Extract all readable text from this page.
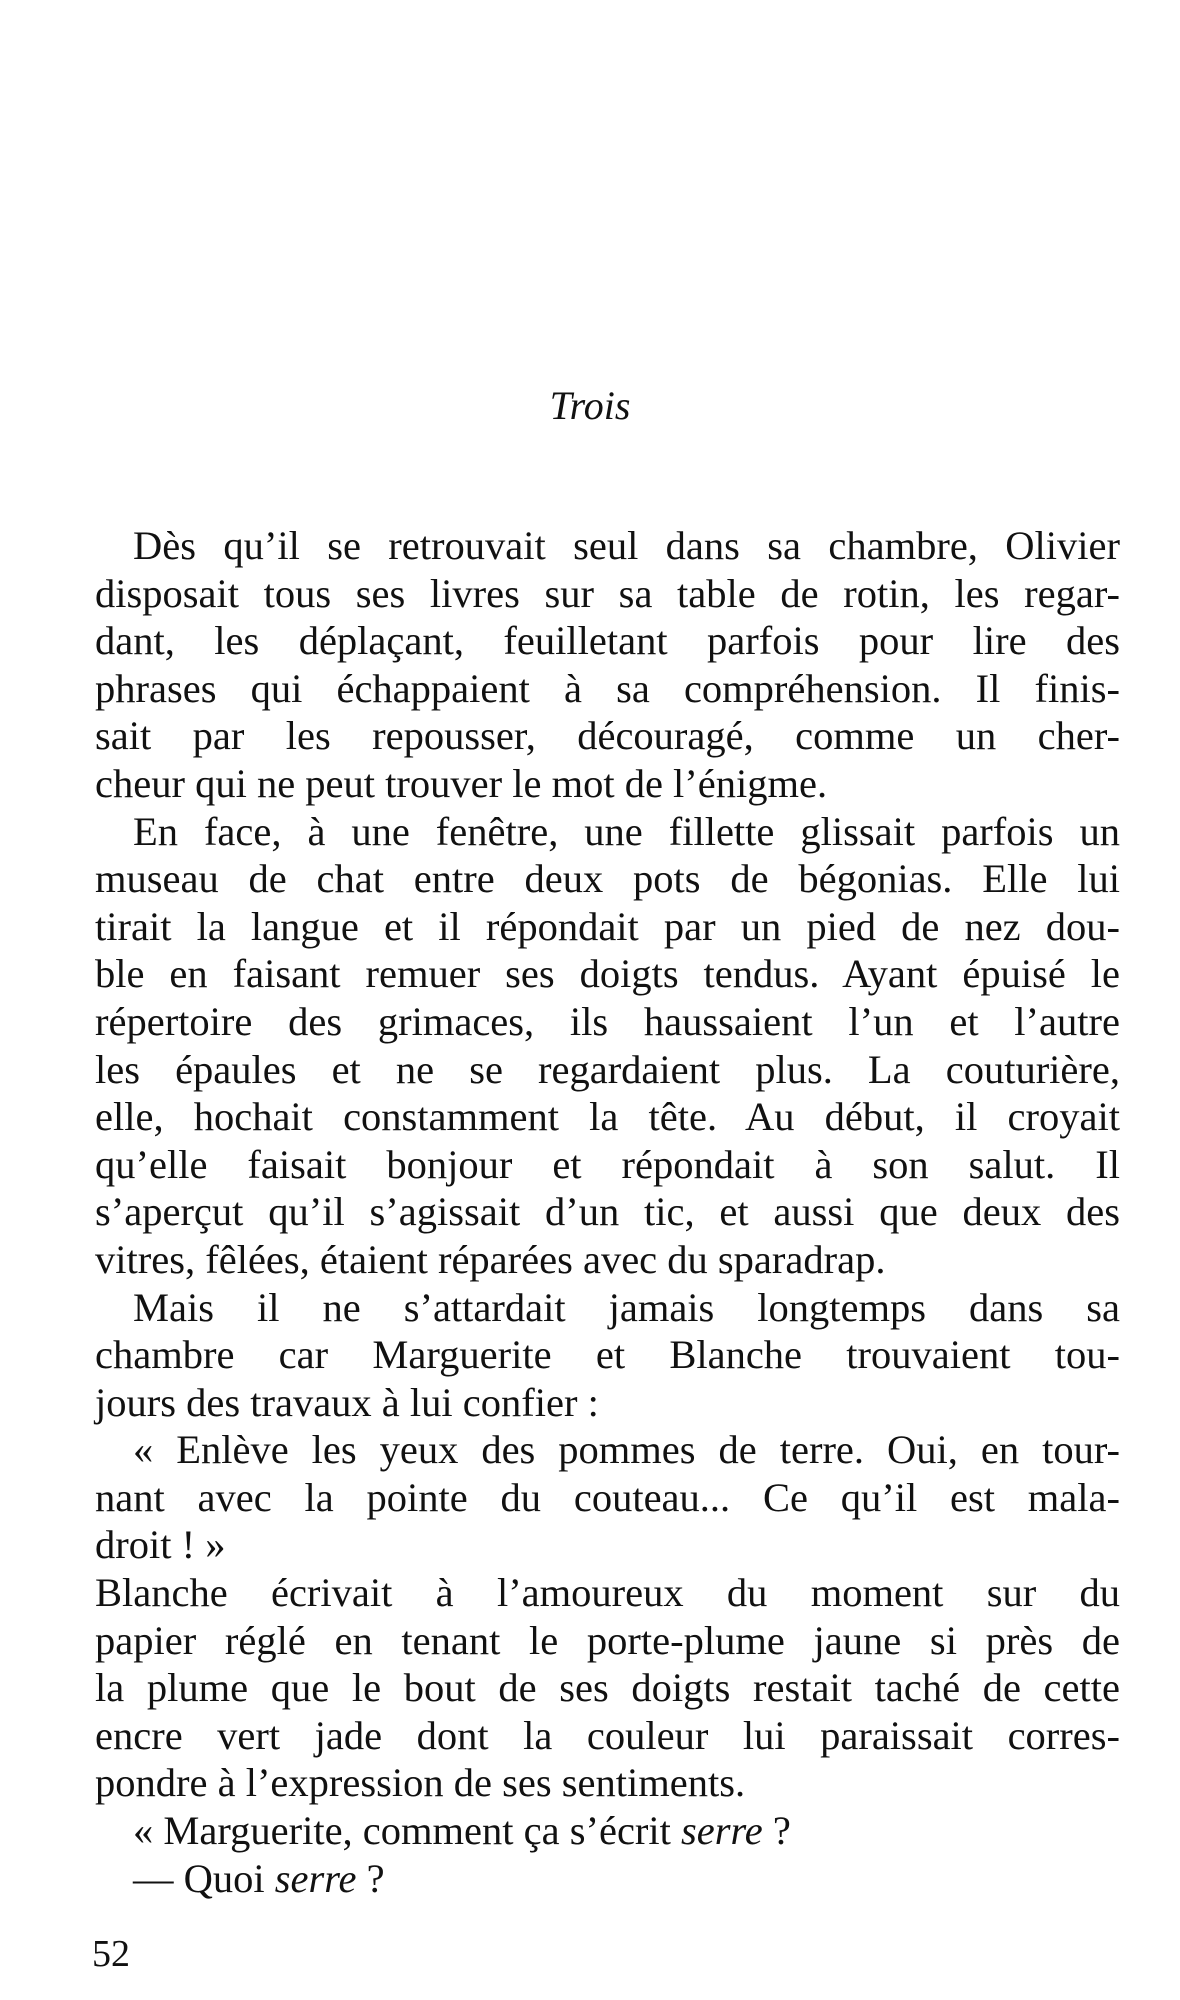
Trois
Dès qu’il se retrouvait seul dans sa chambre, Olivier
disposait tous ses livres sur sa table de rotin, les regar-
dant, les déplaçant, feuilletant parfois pour lire des
phrases qui échappaient à sa compréhension. Il finis-
sait par les repousser, découragé, comme un cher-
cheur qui ne peut trouver le mot de l’énigme.
En face, à une fenêtre, une fillette glissait parfois un
museau de chat entre deux pots de bégonias. Elle lui
tirait la langue et il répondait par un pied de nez dou-
ble en faisant remuer ses doigts tendus. Ayant épuisé le
répertoire des grimaces, ils haussaient l’un et l’autre
les épaules et ne se regardaient plus. La couturière,
elle, hochait constamment la tête. Au début, il croyait
qu’elle faisait bonjour et répondait à son salut. Il
s’aperçut qu’il s’agissait d’un tic, et aussi que deux des
vitres, fêlées, étaient réparées avec du sparadrap.
Mais il ne s’attardait jamais longtemps dans sa
chambre car Marguerite et Blanche trouvaient tou-
jours des travaux à lui confier :
« Enlève les yeux des pommes de terre. Oui, en tour-
nant avec la pointe du couteau... Ce qu’il est mala-
droit ! »
Blanche écrivait à l’amoureux du moment sur du
papier réglé en tenant le porte-plume jaune si près de
la plume que le bout de ses doigts restait taché de cette
encre vert jade dont la couleur lui paraissait corres-
pondre à l’expression de ses sentiments.
« Marguerite, comment ça s’écrit serre ?
— Quoi serre ?
52
